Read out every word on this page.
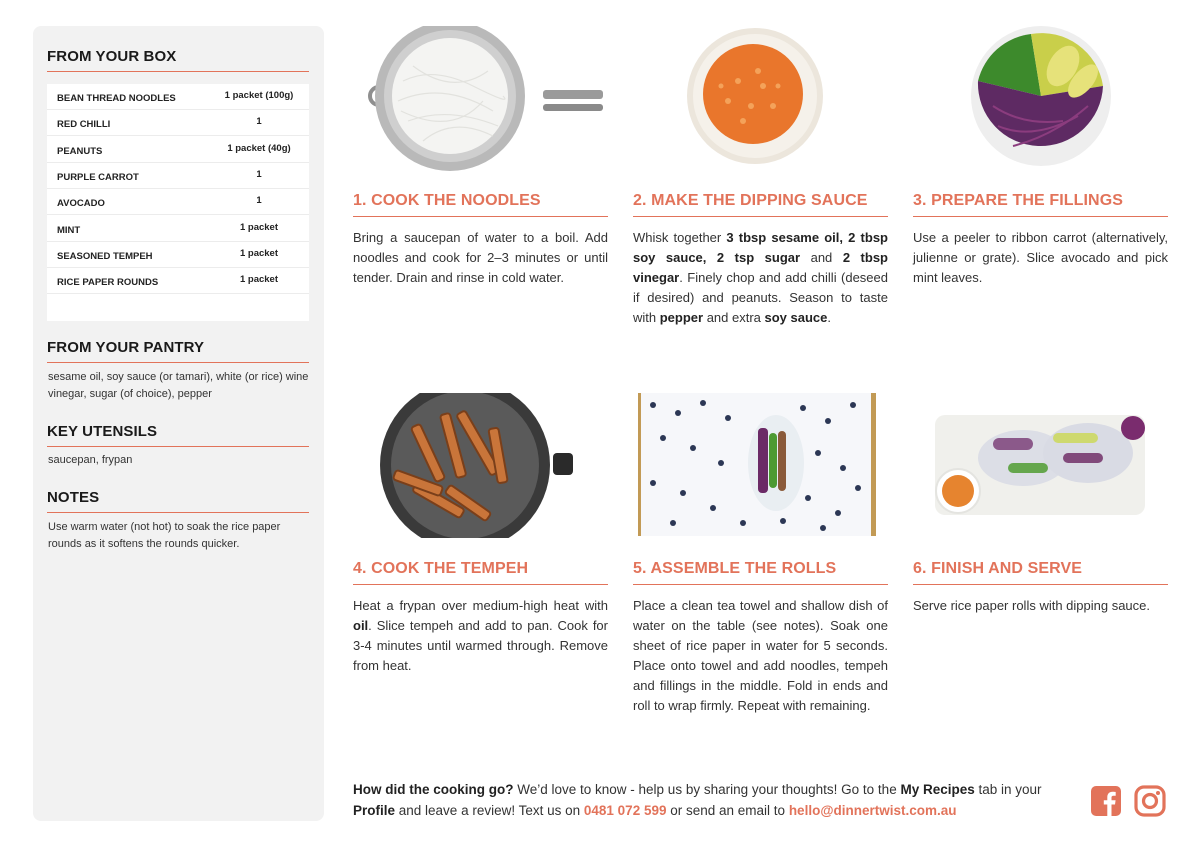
FROM YOUR BOX
BEAN THREAD NOODLES	1 packet (100g)
RED CHILLI	1
PEANUTS	1 packet (40g)
PURPLE CARROT	1
AVOCADO	1
MINT	1 packet
SEASONED TEMPEH	1 packet
RICE PAPER ROUNDS	1 packet
FROM YOUR PANTRY
sesame oil, soy sauce (or tamari), white (or rice) wine vinegar, sugar (of choice), pepper
KEY UTENSILS
saucepan, frypan
NOTES
Use warm water (not hot) to soak the rice paper rounds as it softens the rounds quicker.
1. COOK THE NOODLES
Bring a saucepan of water to a boil. Add noodles and cook for 2–3 minutes or until tender. Drain and rinse in cold water.
2. MAKE THE DIPPING SAUCE
Whisk together 3 tbsp sesame oil, 2 tbsp soy sauce, 2 tsp sugar and 2 tbsp vinegar. Finely chop and add chilli (deseed if desired) and peanuts. Season to taste with pepper and extra soy sauce.
3. PREPARE THE FILLINGS
Use a peeler to ribbon carrot (alternatively, julienne or grate). Slice avocado and pick mint leaves.
4. COOK THE TEMPEH
Heat a frypan over medium-high heat with oil. Slice tempeh and add to pan. Cook for 3-4 minutes until warmed through. Remove from heat.
5. ASSEMBLE THE ROLLS
Place a clean tea towel and shallow dish of water on the table (see notes). Soak one sheet of rice paper in water for 5 seconds. Place onto towel and add noodles, tempeh and fillings in the middle. Fold in ends and roll to wrap firmly. Repeat with remaining.
6. FINISH AND SERVE
Serve rice paper rolls with dipping sauce.
How did the cooking go? We’d love to know - help us by sharing your thoughts! Go to the My Recipes tab in your Profile and leave a review! Text us on 0481 072 599 or send an email to hello@dinnertwist.com.au
